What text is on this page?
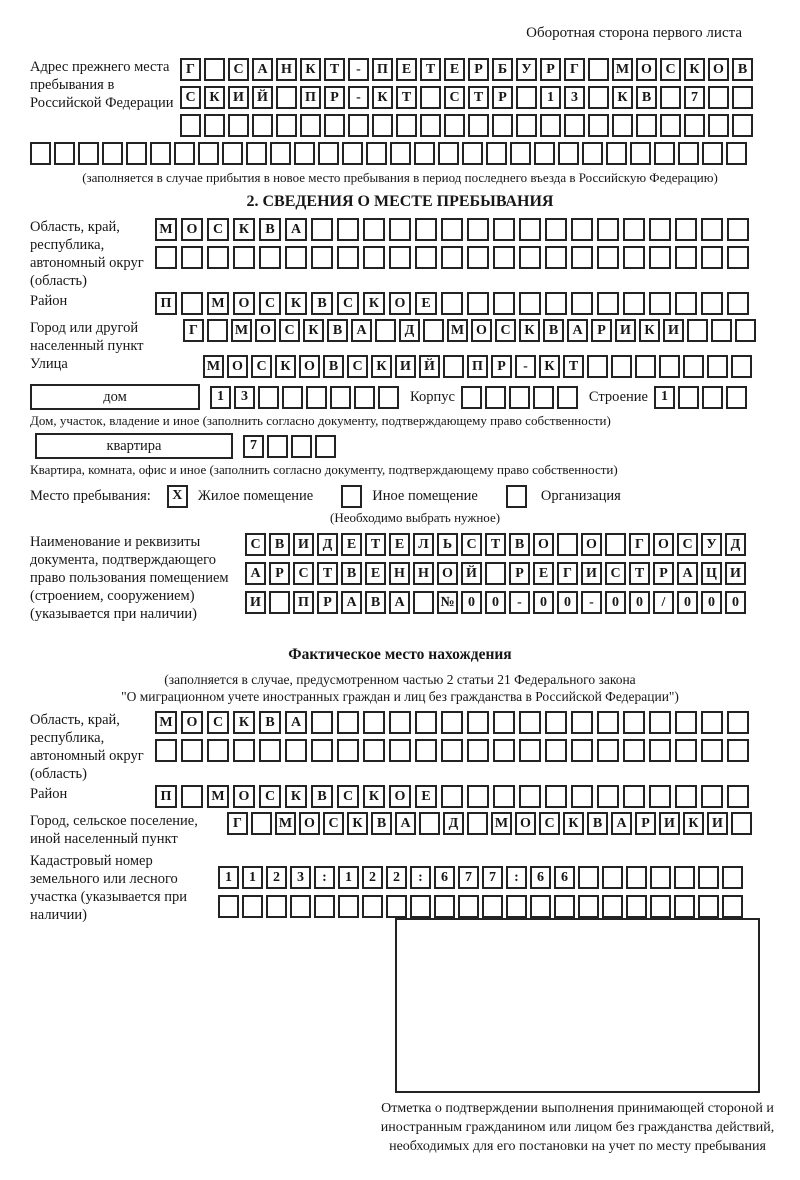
Оборотная сторона первого листа
Адрес прежнего места пребывания в Российской Федерации
Г	С А Н К	Т	-	П Е	Т	Е	Р	Б	У	Р	Г	М О С К О В
С К И Й	П	Р	-	К	Т	С	Т	Р	1	3	К	В	7
(заполняется в случае прибытия в новое место пребывания в период последнего въезда в Российскую Федерацию)
2. СВЕДЕНИЯ О МЕСТЕ ПРЕБЫВАНИЯ
Область, край, республика, автономный округ (область)
М О	С	К	В	А
Район	П	М О	С	К	В	С	К	О	Е
Город или другой населенный пункт
Г	М О С К	В	А	Д	М О С К	В	А	Р	И К И
Улица	М О С К О В	С К И Й	П	Р	-	К	Т
дом	1	3	Корпус	Строение 1
Дом, участок, владение и иное (заполнить согласно документу, подтверждающему право собственности)
квартира	7
Квартира, комната, офис и иное (заполнить согласно документу, подтверждающему право собственности)
Место пребывания:	X	Жилое помещение	Иное помещение	Организация
(Необходимо выбрать нужное)
Наименование и реквизиты документа, подтверждающего право пользования помещением (строением, сооружением) (указывается при наличии)
С	В И Д	Е	Т	Е	Л	Ь	С	Т	В О	О	Г	О С У	Д
А	Р	С	Т	В	Е Н Н О Й	Р	Е	Г	И С	Т	Р	А Ц И
И	П	Р	А	В	А	№ 0	0	-	0	0	-	0	0	/	0	0	0
Фактическое место нахождения
(заполняется в случае, предусмотренном частью 2 статьи 21 Федерального закона
"О миграционном учете иностранных граждан и лиц без гражданства в Российской Федерации")
Область, край, республика, автономный округ (область)
М О	С	К	В	А
Район	П	М О	С	К	В	С	К	О	Е
Город, сельское поселение, иной населенный пункт
Г	М О С К	В	А	Д	М О С К	В	А	Р	И К И
Кадастровый номер земельного или лесного участка (указывается при наличии)
1	1	2	3	:	1	2	2	:	6	7	7	:	6	6
Отметка о подтверждении выполнения принимающей стороной и иностранным гражданином или лицом без гражданства действий, необходимых для его постановки на учет по месту пребывания
